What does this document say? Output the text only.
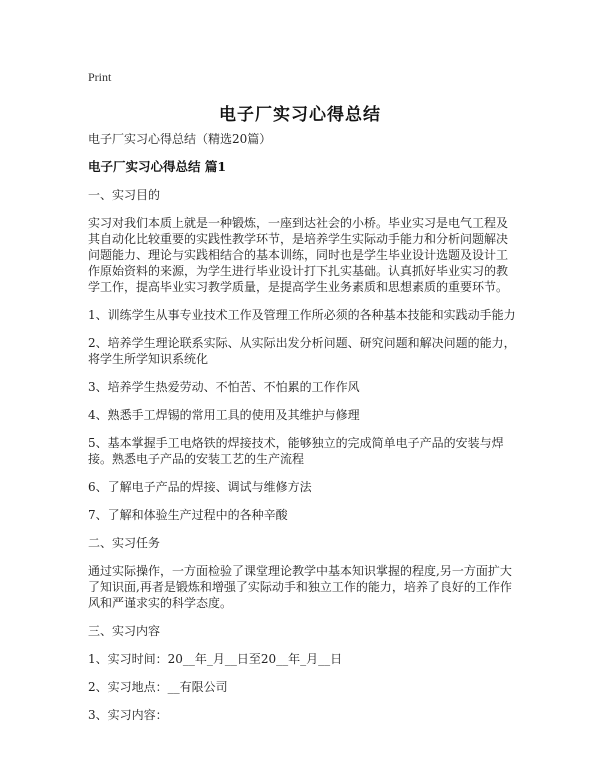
Print
电子厂实习心得总结

电子厂实习心得总结（精选20篇）

电子厂实习心得总结 篇1

一、实习目的

实习对我们本质上就是一种锻炼，一座到达社会的小桥。毕业实习是电气工程及其自动化比较重要的实践性教学环节，是培养学生实际动手能力和分析问题解决问题能力、理论与实践相结合的基本训练，同时也是学生毕业设计选题及设计工作原始资料的来源，为学生进行毕业设计打下扎实基础。认真抓好毕业实习的教学工作，提高毕业实习教学质量，是提高学生业务素质和思想素质的重要环节。

1、训练学生从事专业技术工作及管理工作所必须的各种基本技能和实践动手能力

2、培养学生理论联系实际、从实际出发分析问题、研究问题和解决问题的能力，将学生所学知识系统化

3、培养学生热爱劳动、不怕苦、不怕累的工作作风

4、熟悉手工焊锡的常用工具的使用及其维护与修理

5、基本掌握手工电烙铁的焊接技术，能够独立的完成简单电子产品的安装与焊接。熟悉电子产品的安装工艺的生产流程

6、了解电子产品的焊接、调试与维修方法

7、了解和体验生产过程中的各种辛酸

二、实习任务

通过实际操作，一方面检验了课堂理论教学中基本知识掌握的程度,另一方面扩大了知识面,再者是锻炼和增强了实际动手和独立工作的能力，培养了良好的工作作风和严谨求实的科学态度。

三、实习内容

1、实习时间：20__年_月__日至20__年_月__日

2、实习地点：__有限公司

3、实习内容：
